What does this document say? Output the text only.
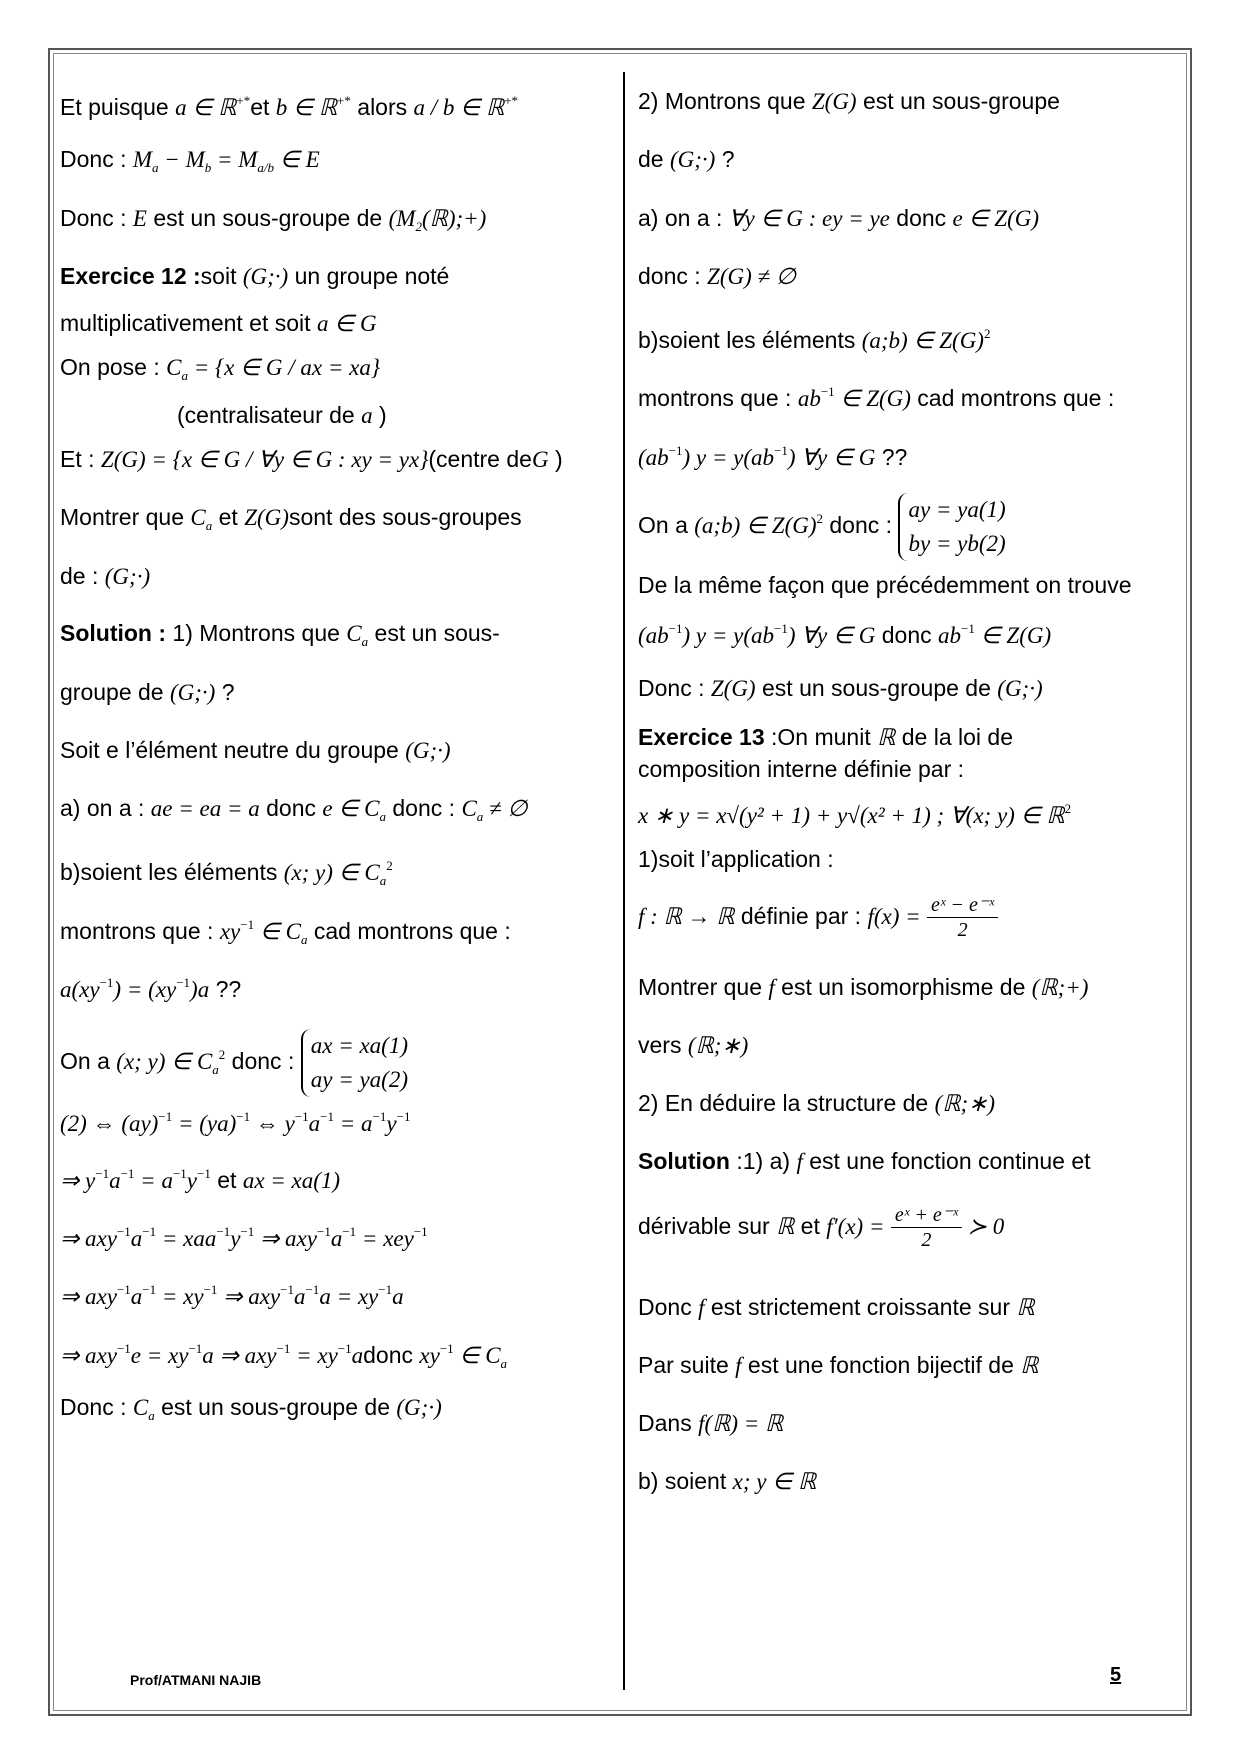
Et puisque a ∈ ℝ+*et b ∈ ℝ+* alors a / b ∈ ℝ+*
Donc : $M_a - M_b = M_{a/b}$ ∈ E
Donc : E est un sous-groupe de $(M_2(ℝ);+)$
Exercice 12 :soit (G;·) un groupe noté
multiplicativement et soit a ∈ G
On pose : $C_a = \{x$ ∈ G / ax = xa}
(centralisateur de a )
Et : Z(G) = {x ∈ G / ∀y ∈ G : xy = yx}(centre deG )
Montrer que $C_a$ et Z(G)sont des sous-groupes
de : (G;·)
Solution : 1) Montrons que $C_a$ est un sous-
groupe de (G;·) ?
Soit e l’élément neutre du groupe (G;·)
a) on a : ae = ea = a donc e ∈ $C_a$ donc : $C_a$ ≠ ∅
b)soient les éléments (x; y) ∈ $C_a^2$
montrons que : $xy^{-1}$ ∈ $C_a$ cad montrons que :
$a(xy^{-1}) = (xy^{-1})a$ ??
On a (x; y) ∈ $C_a^2$ donc :
ax = xa(1)
ay = ya(2)
(2) ⇔ (ay)$^{-1}$ = (ya)$^{-1}$ ⇔ $y^{-1}a^{-1} = a^{-1}y^{-1}$
⇒ $y^{-1}a^{-1} = a^{-1}y^{-1}$ et ax = xa(1)
⇒ $axy^{-1}a^{-1} = xaa^{-1}y^{-1}$ ⇒ $axy^{-1}a^{-1} = xey^{-1}$
⇒ $axy^{-1}a^{-1} = xy^{-1}$ ⇒ $axy^{-1}a^{-1}a = xy^{-1}a$
⇒ $axy^{-1}e = xy^{-1}a$ ⇒ $axy^{-1} = xy^{-1}adonc$ $xy^{-1}$ ∈ $C_a$
Donc : $C_a$ est un sous-groupe de (G;·)
2) Montrons que Z(G) est un sous-groupe
de (G;·) ?
a) on a : ∀y ∈ G : ey = ye donc e ∈ Z(G)
donc : Z(G) ≠ ∅
b)soient les éléments (a;b) ∈ $Z(G)^2$
montrons que : $ab^{-1}$ ∈ Z(G) cad montrons que :
$(ab^{-1}) y = y(ab^{-1})$ ∀y ∈ G ??
On a (a;b) ∈ $Z(G)^2$ donc :
ay = ya(1)
by = yb(2)
De la même façon que précédemment on trouve
$(ab^{-1}) y = y(ab^{-1})$ ∀y ∈ G donc $ab^{-1}$ ∈ Z(G)
Donc : Z(G) est un sous-groupe de (G;·)
Exercice 13 :On munit ℝ de la loi de
composition interne définie par :
x ∗ y = x√(y² + 1) + y√(x² + 1) ; ∀(x; y) ∈ ℝ$^2$
1)soit l’application :
f : ℝ → ℝ définie par : $f(x) = \frac{\text{eˣ − e⁻ˣ}}{2}$
Montrer que f est un isomorphisme de (ℝ;+)
vers (ℝ;∗)
2) En déduire la structure de (ℝ;∗)
Solution :1) a) f est une fonction continue et
dérivable sur ℝ et $f'(x) = \frac{\text{eˣ + e⁻ˣ}}{2}$ ≻ 0
Donc f est strictement croissante sur ℝ
Par suite f est une fonction bijectif de ℝ
Dans f(ℝ) = ℝ
b) soient x; y ∈ ℝ
Prof/ATMANI NAJIB	5
